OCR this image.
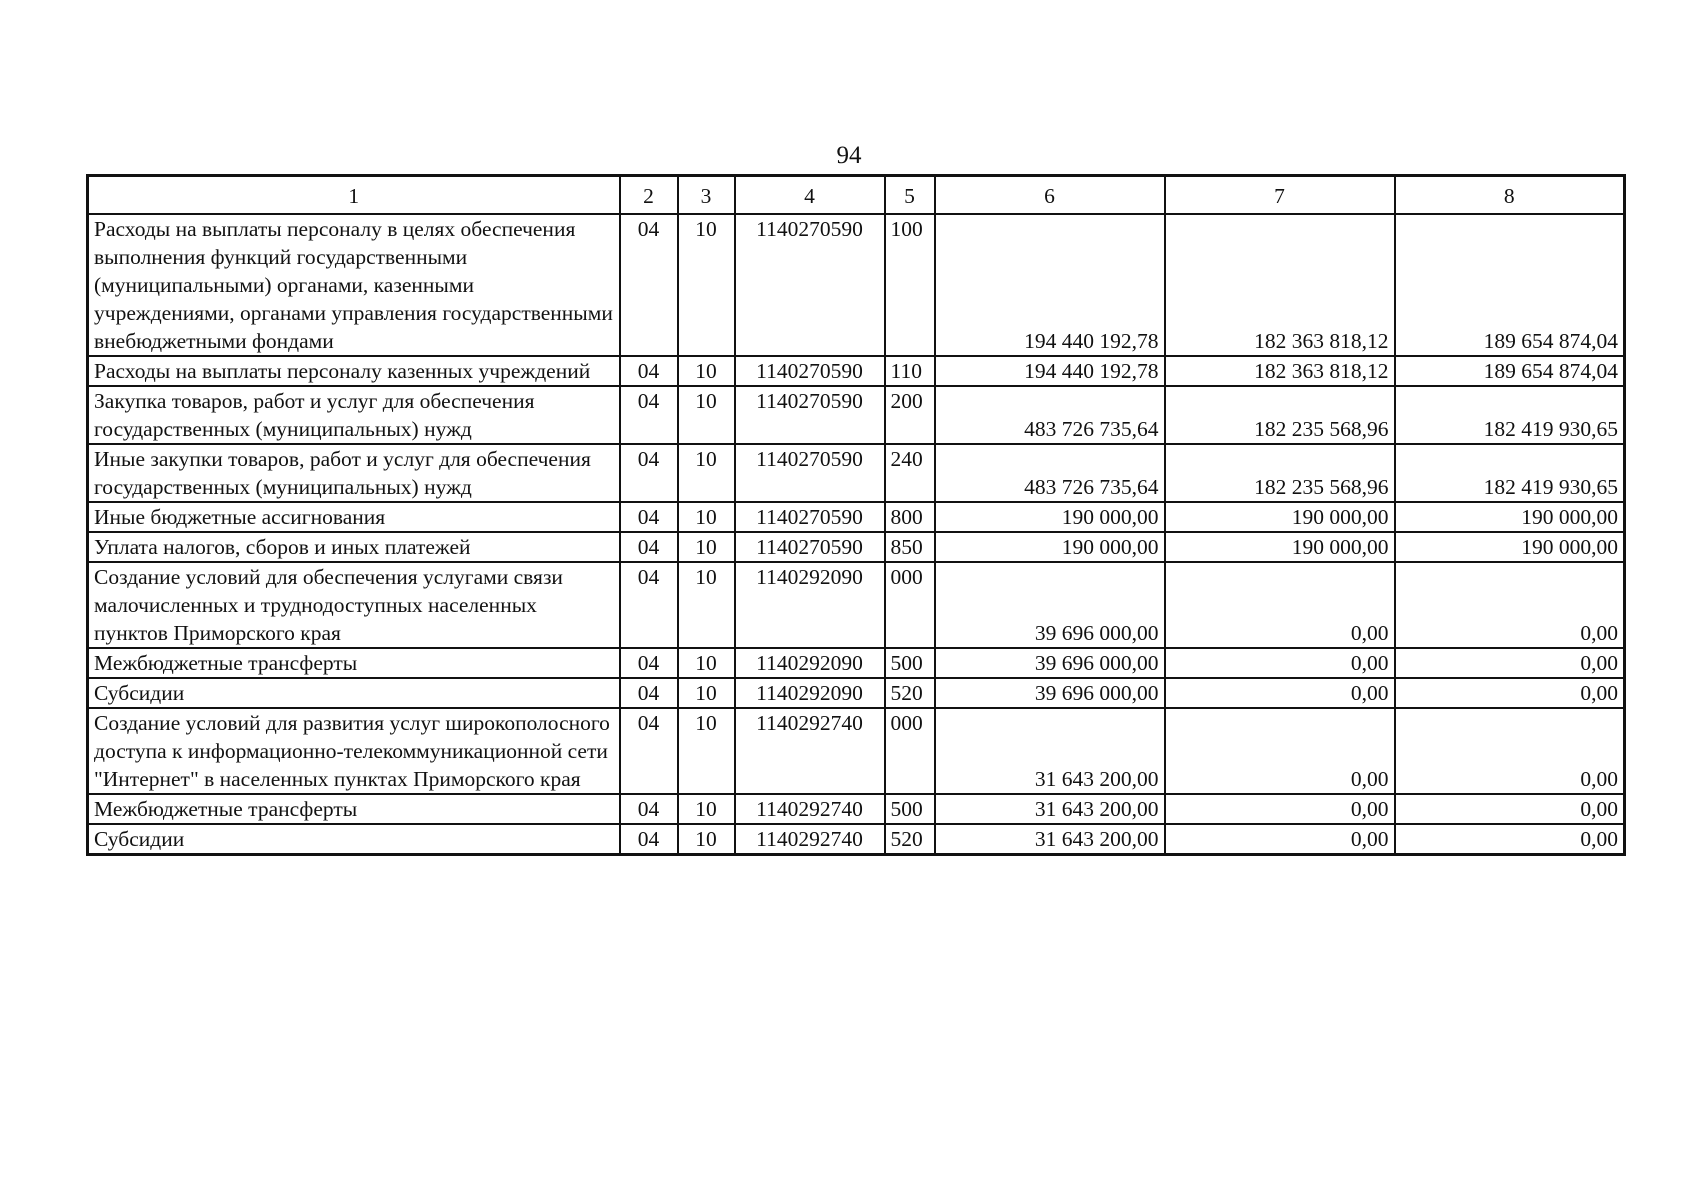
94
1	2	3	4	5	6	7	8
Расходы на выплаты персоналу в целях обеспечения выполнения функций государственными (муниципальными) органами, казенными учреждениями, органами управления государственными внебюджетными фондами	04	10	1140270590	100	194 440 192,78	182 363 818,12	189 654 874,04
Расходы на выплаты персоналу казенных учреждений	04	10	1140270590	110	194 440 192,78	182 363 818,12	189 654 874,04
Закупка товаров, работ и услуг для обеспечения государственных (муниципальных) нужд	04	10	1140270590	200	483 726 735,64	182 235 568,96	182 419 930,65
Иные закупки товаров, работ и услуг для обеспечения государственных (муниципальных) нужд	04	10	1140270590	240	483 726 735,64	182 235 568,96	182 419 930,65
Иные бюджетные ассигнования	04	10	1140270590	800	190 000,00	190 000,00	190 000,00
Уплата налогов, сборов и иных платежей	04	10	1140270590	850	190 000,00	190 000,00	190 000,00
Создание условий для обеспечения услугами связи малочисленных и труднодоступных населенных пунктов Приморского края	04	10	1140292090	000	39 696 000,00	0,00	0,00
Межбюджетные трансферты	04	10	1140292090	500	39 696 000,00	0,00	0,00
Субсидии	04	10	1140292090	520	39 696 000,00	0,00	0,00
Создание условий для развития услуг широкополосного доступа к информационно-телекоммуникационной сети "Интернет" в населенных пунктах Приморского края	04	10	1140292740	000	31 643 200,00	0,00	0,00
Межбюджетные трансферты	04	10	1140292740	500	31 643 200,00	0,00	0,00
Субсидии	04	10	1140292740	520	31 643 200,00	0,00	0,00
